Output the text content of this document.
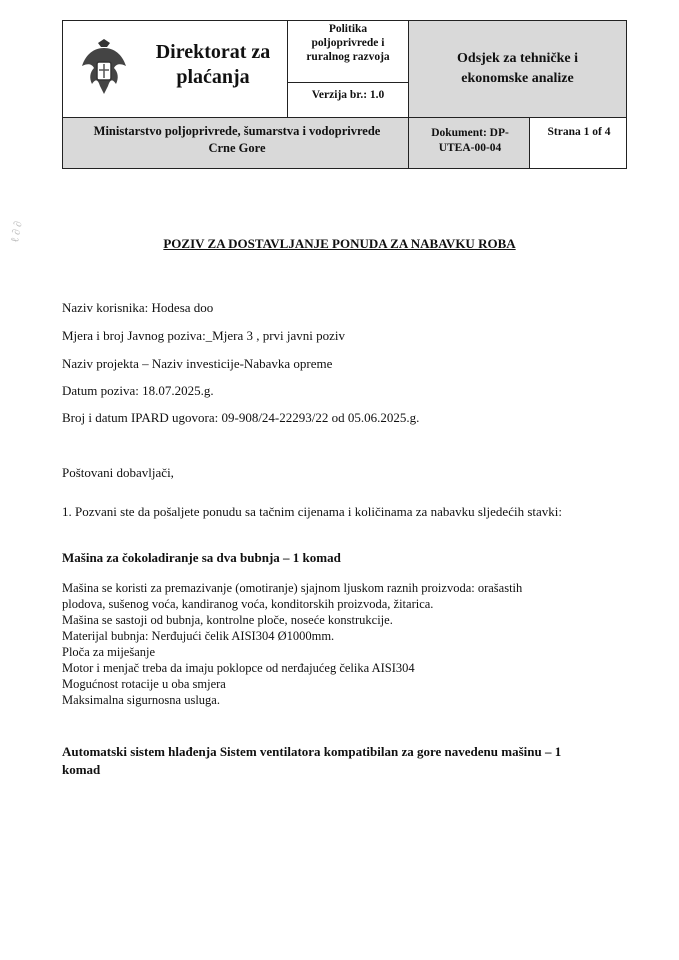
Direktorat za
plaćanja
Politika
poljoprivrede i
ruralnog razvoja
Verzija br.: 1.0
Odsjek za tehničke i
ekonomske analize
Ministarstvo poljoprivrede, šumarstva i vodoprivrede
Crne Gore
Dokument: DP-
UTEA-00-04
Strana 1 of 4
ℓ ∂ ∂	POZIV ZA DOSTAVLJANJE PONUDA ZA NABAVKU ROBA
Naziv korisnika: Hodesa doo
Mjera i broj Javnog poziva:_Mjera 3 , prvi javni poziv
Naziv projekta – Naziv investicije-Nabavka opreme
Datum poziva: 18.07.2025.g.
Broj i datum IPARD ugovora: 09-908/24-22293/22 od 05.06.2025.g.
Poštovani dobavljači,
1. Pozvani ste da pošaljete ponudu sa tačnim cijenama i količinama za nabavku sljedećih stavki:
Mašina za čokoladiranje sa dva bubnja – 1 komad
Mašina se koristi za premazivanje (omotiranje) sjajnom ljuskom raznih proizvoda: orašastih
plodova, sušenog voća, kandiranog voća, konditorskih proizvoda, žitarica.
Mašina se sastoji od bubnja, kontrolne ploče, noseće konstrukcije.
Materijal bubnja: Nerđujući čelik AISI304 Ø1000mm.
Ploča za miješanje
Motor i menjač treba da imaju poklopce od nerđajućeg čelika AISI304
Mogućnost rotacije u oba smjera
Maksimalna sigurnosna usluga.
Automatski sistem hlađenja Sistem ventilatora kompatibilan za gore navedenu mašinu – 1
komad
